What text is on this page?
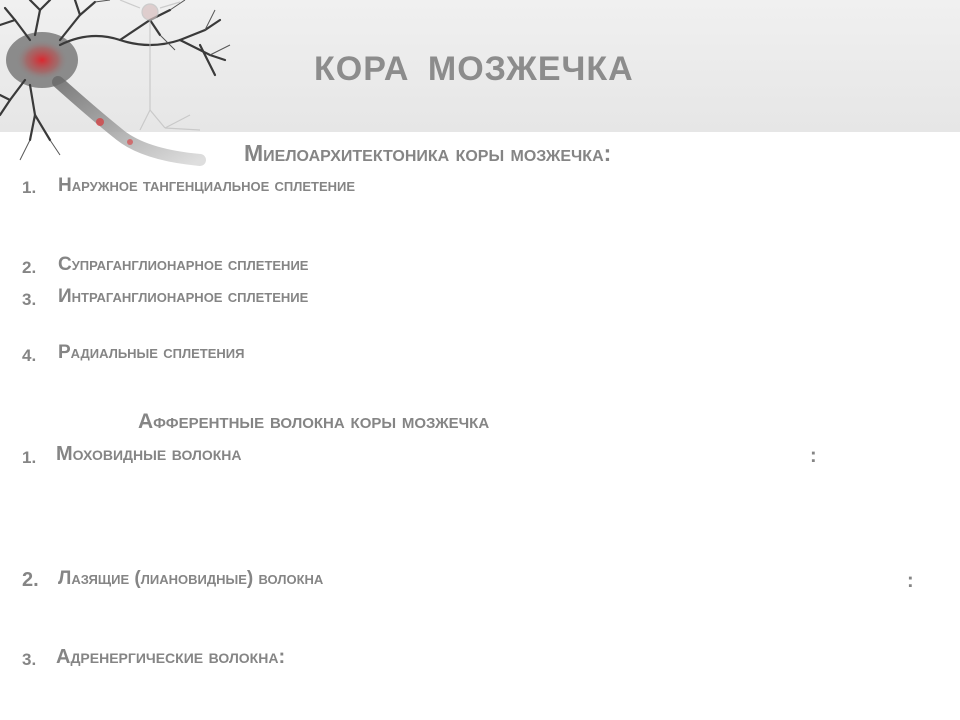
КОРА МОЗЖЕЧКА
Миелоархитектоника коры мозжечка:
1. Наружное тангенциальное сплетение
2. Супраганглионарное сплетение
3. Интраганглионарное сплетение
4. Радиальные сплетения
Афферентные волокна коры мозжечка
1. Моховидные волокна	:
2. Лазящие (лиановидные) волокна	:
3. Адренергические волокна:
